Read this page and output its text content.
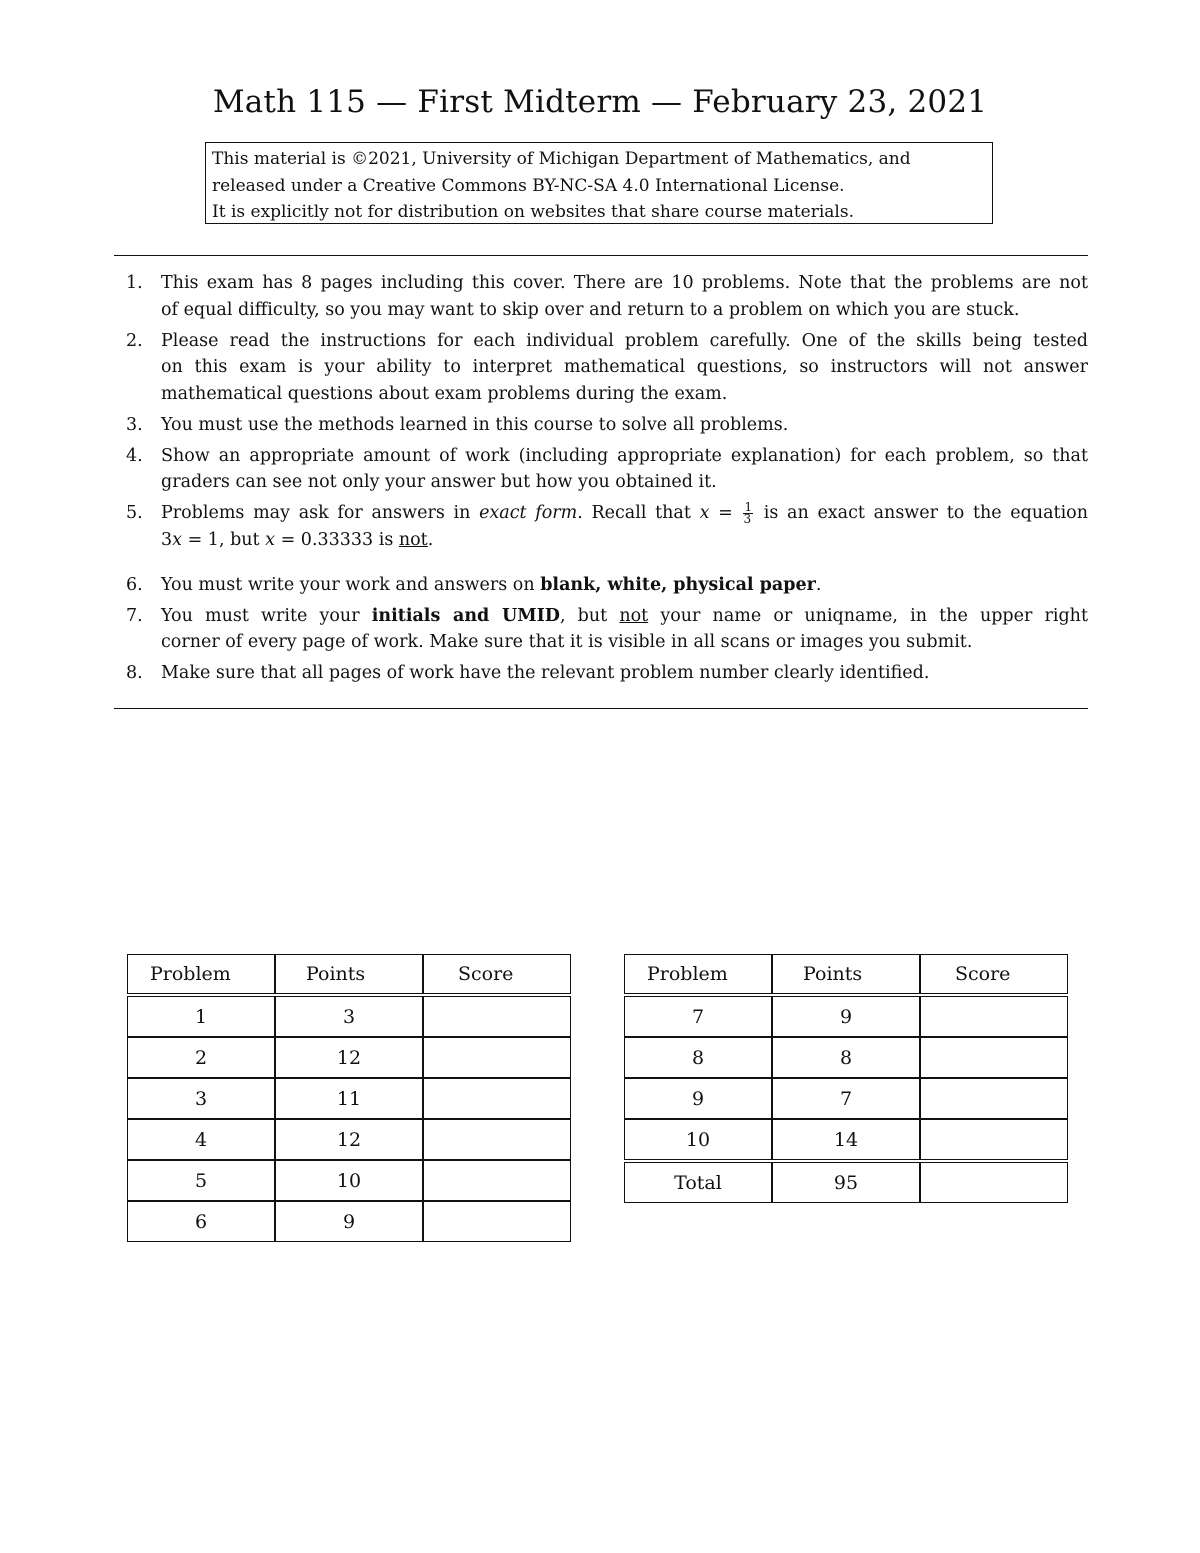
Math 115 — First Midterm — February 23, 2021
This material is ©2021, University of Michigan Department of Mathematics, and
released under a Creative Commons BY-NC-SA 4.0 International License.
It is explicitly not for distribution on websites that share course materials.
1. This exam has 8 pages including this cover. There are 10 problems. Note that the problems are not
of equal difficulty, so you may want to skip over and return to a problem on which you are stuck.
2. Please read the instructions for each individual problem carefully. One of the skills being tested
on this exam is your ability to interpret mathematical questions, so instructors will not answer
mathematical questions about exam problems during the exam.
3. You must use the methods learned in this course to solve all problems.
4. Show an appropriate amount of work (including appropriate explanation) for each problem, so that
graders can see not only your answer but how you obtained it.
5. Problems may ask for answers in exact form. Recall that $x = \frac{1}{3}$ is an exact answer to the equation
3x = 1, but x = 0.33333 is not.
6. You must write your work and answers on blank, white, physical paper.
7. You must write your initials and UMID, but not your name or uniqname, in the upper right
corner of every page of work. Make sure that it is visible in all scans or images you submit.
8. Make sure that all pages of work have the relevant problem number clearly identified.
Problem	Points	Score

1	3	
2	12	
3	11	
4	12	
5	10	
6	9	
Problem	Points	Score

7	9	
8	8	
9	7	
10	14	

Total	95	
